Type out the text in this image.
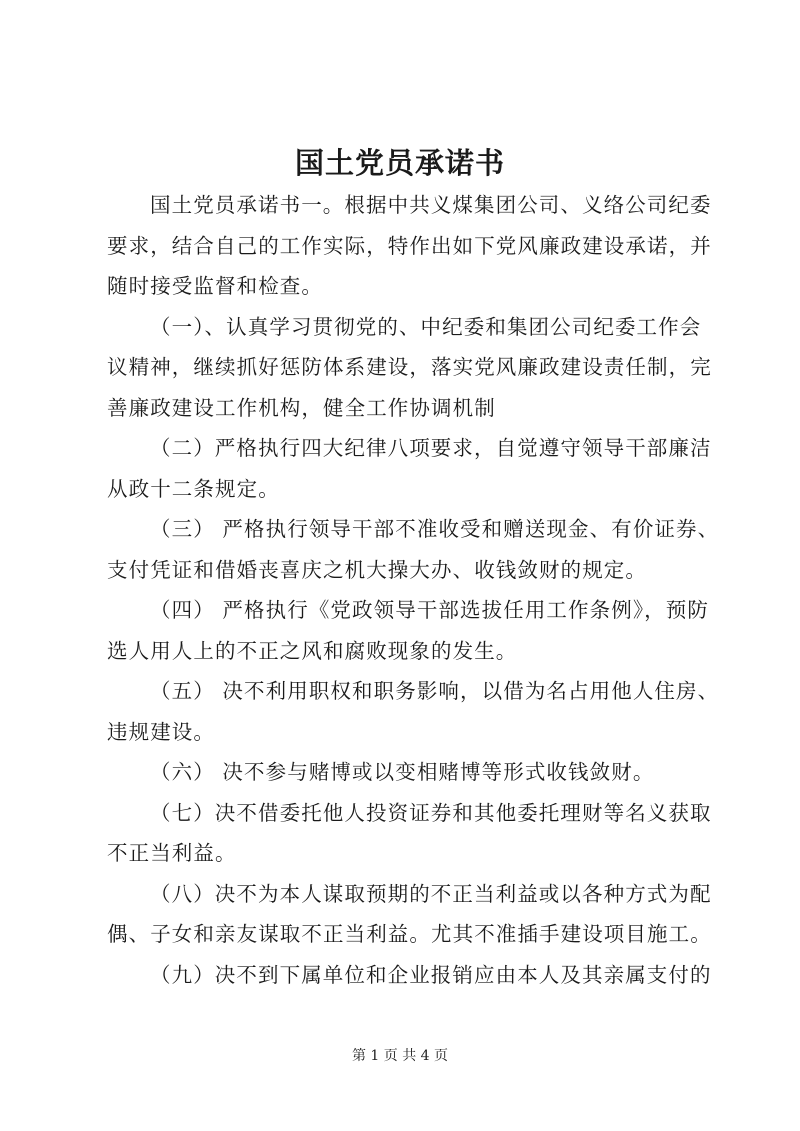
国土党员承诺书
国土党员承诺书一。根据中共义煤集团公司、义络公司纪委
要求，结合自己的工作实际，特作出如下党风廉政建设承诺，并
随时接受监督和检查。
（一）、认真学习贯彻党的、中纪委和集团公司纪委工作会
议精神，继续抓好惩防体系建设，落实党风廉政建设责任制，完
善廉政建设工作机构，健全工作协调机制
（二）严格执行四大纪律八项要求，自觉遵守领导干部廉洁
从政十二条规定。
（三） 严格执行领导干部不准收受和赠送现金、有价证券、
支付凭证和借婚丧喜庆之机大操大办、收钱敛财的规定。
（四） 严格执行《党政领导干部选拔任用工作条例》，预防
选人用人上的不正之风和腐败现象的发生。
（五） 决不利用职权和职务影响，以借为名占用他人住房、
违规建设。
（六） 决不参与赌博或以变相赌博等形式收钱敛财。
（七）决不借委托他人投资证券和其他委托理财等名义获取
不正当利益。
（八）决不为本人谋取预期的不正当利益或以各种方式为配
偶、子女和亲友谋取不正当利益。尤其不准插手建设项目施工。
（九）决不到下属单位和企业报销应由本人及其亲属支付的
第 1 页 共 4 页
